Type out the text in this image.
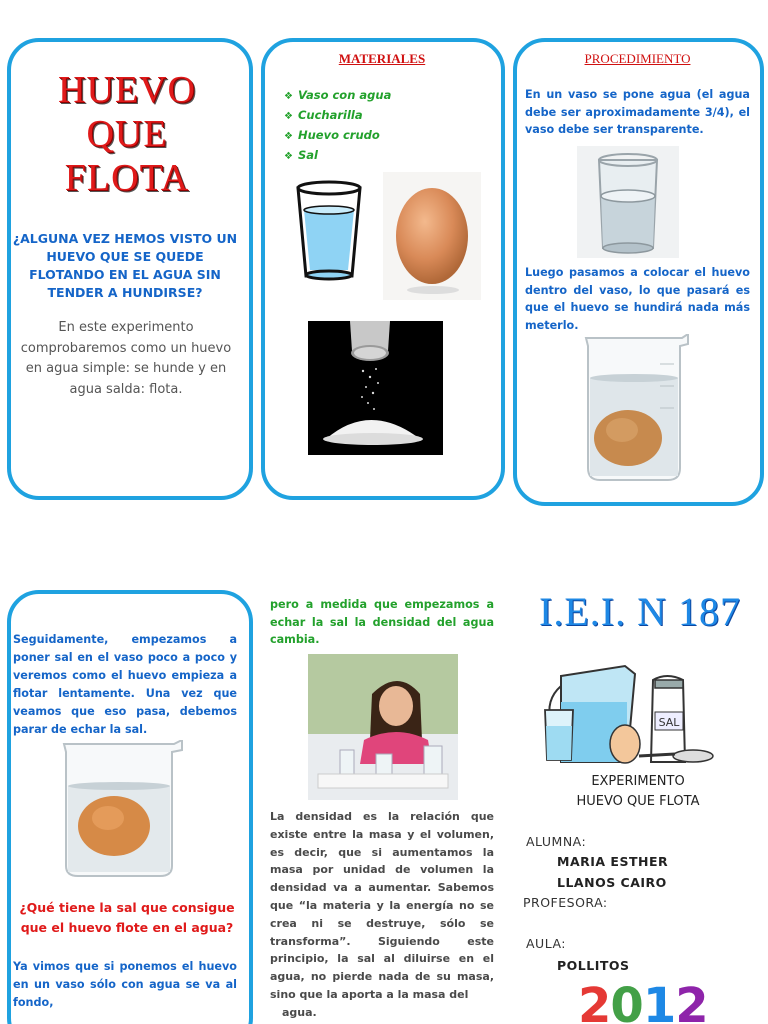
HUEVO
QUE
FLOTA
¿ALGUNA VEZ HEMOS VISTO UN HUEVO QUE SE QUEDE FLOTANDO EN EL AGUA SIN TENDER A HUNDIRSE?
En este experimento comprobaremos como un huevo en agua simple: se hunde y en agua salda: flota.
MATERIALES
❖ Vaso con agua
❖ Cucharilla
❖ Huevo crudo
❖ Sal
PROCEDIMIENTO
En un vaso se pone agua (el agua debe ser aproximadamente 3/4), el vaso debe ser transparente.
Luego pasamos a colocar el huevo dentro del vaso, lo que pasará es que el huevo se hundirá nada más meterlo.
Seguidamente, empezamos a poner sal en el vaso poco a poco y veremos como el huevo empieza a flotar lentamente. Una vez que veamos que eso pasa, debemos parar de echar la sal.
¿Qué tiene la sal que consigue que el huevo flote en el agua?
Ya vimos que si ponemos el huevo en un vaso sólo con agua se va al fondo,
pero a medida que empezamos a echar la sal la densidad del agua cambia.
La densidad es la relación que existe entre la masa y el volumen, es decir, que si aumentamos la masa por unidad de volumen la densidad va a aumentar. Sabemos que “la materia y la energía no se crea ni se destruye, sólo se transforma”. Siguiendo este principio, la sal al diluirse en el agua, no pierde nada de su masa, sino que la aporta a la masa del
agua.
I.E.I. N 187
SAL
EXPERIMENTO
HUEVO QUE FLOTA
ALUMNA:
MARIA ESTHER
LLANOS CAIRO
PROFESORA:
AULA:
POLLITOS
2012
